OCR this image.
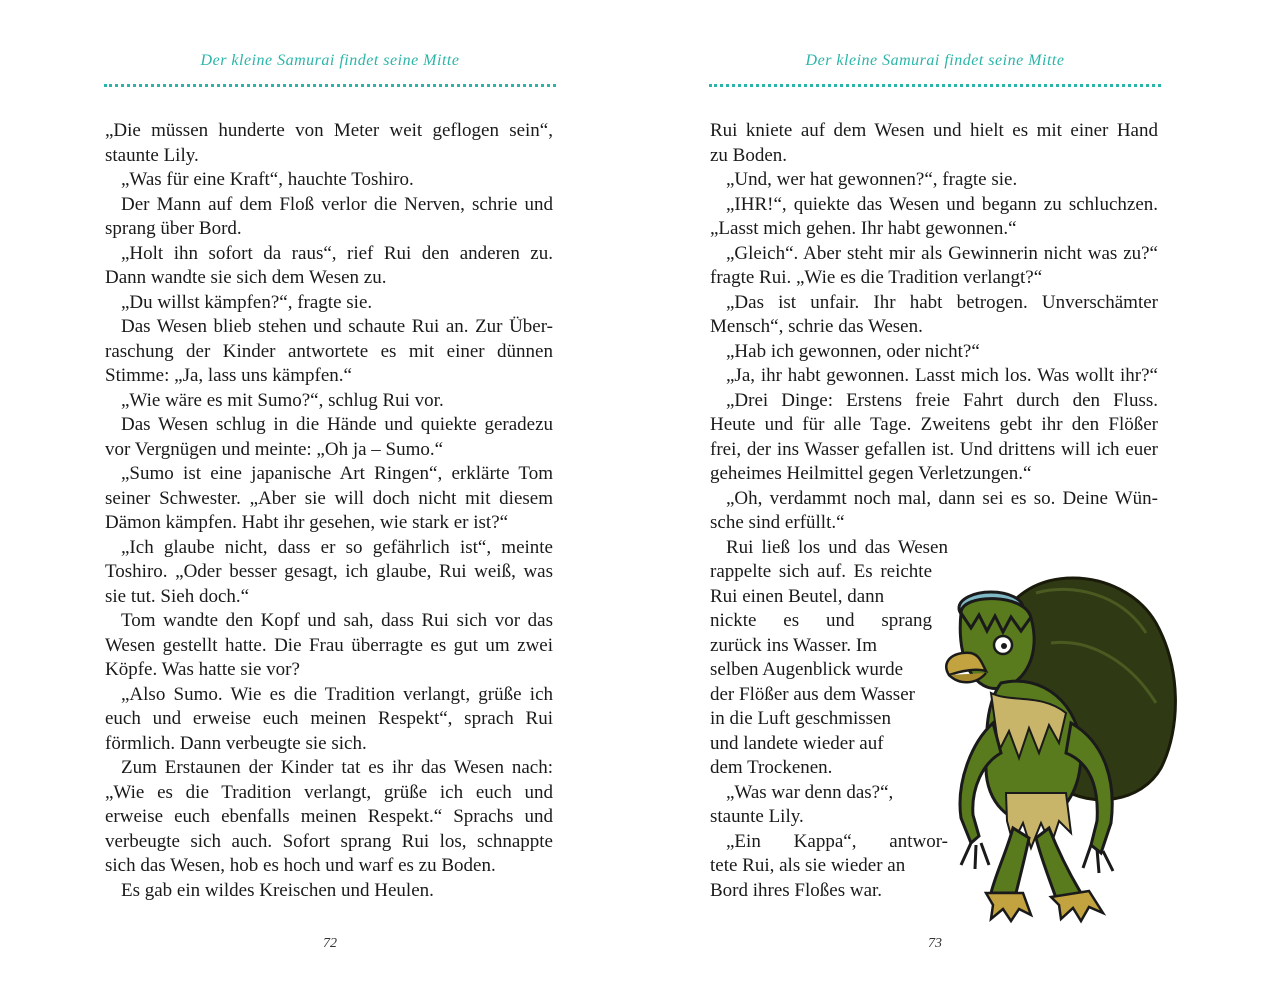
Der kleine Samurai findet seine Mitte
„Die müssen hunderte von Meter weit geflogen sein“,
staunte Lily.
„Was für eine Kraft“, hauchte Toshiro.
Der Mann auf dem Floß verlor die Nerven, schrie und
sprang über Bord.
„Holt ihn sofort da raus“, rief Rui den anderen zu.
Dann wandte sie sich dem Wesen zu.
„Du willst kämpfen?“, fragte sie.
Das Wesen blieb stehen und schaute Rui an. Zur Über-
raschung der Kinder antwortete es mit einer dünnen
Stimme: „Ja, lass uns kämpfen.“
„Wie wäre es mit Sumo?“, schlug Rui vor.
Das Wesen schlug in die Hände und quiekte geradezu
vor Vergnügen und meinte: „Oh ja – Sumo.“
„Sumo ist eine japanische Art Ringen“, erklärte Tom
seiner Schwester. „Aber sie will doch nicht mit diesem
Dämon kämpfen. Habt ihr gesehen, wie stark er ist?“
„Ich glaube nicht, dass er so gefährlich ist“, meinte
Toshiro. „Oder besser gesagt, ich glaube, Rui weiß, was
sie tut. Sieh doch.“
Tom wandte den Kopf und sah, dass Rui sich vor das
Wesen gestellt hatte. Die Frau überragte es gut um zwei
Köpfe. Was hatte sie vor?
„Also Sumo. Wie es die Tradition verlangt, grüße ich
euch und erweise euch meinen Respekt“, sprach Rui
förmlich. Dann verbeugte sie sich.
Zum Erstaunen der Kinder tat es ihr das Wesen nach:
„Wie es die Tradition verlangt, grüße ich euch und
erweise euch ebenfalls meinen Respekt.“ Sprachs und
verbeugte sich auch. Sofort sprang Rui los, schnappte
sich das Wesen, hob es hoch und warf es zu Boden.
Es gab ein wildes Kreischen und Heulen.
72
Der kleine Samurai findet seine Mitte
Rui kniete auf dem Wesen und hielt es mit einer Hand
zu Boden.
„Und, wer hat gewonnen?“, fragte sie.
„IHR!“, quiekte das Wesen und begann zu schluchzen.
„Lasst mich gehen. Ihr habt gewonnen.“
„Gleich“. Aber steht mir als Gewinnerin nicht was zu?“
fragte Rui. „Wie es die Tradition verlangt?“
„Das ist unfair. Ihr habt betrogen. Unverschämter
Mensch“, schrie das Wesen.
„Hab ich gewonnen, oder nicht?“
„Ja, ihr habt gewonnen. Lasst mich los. Was wollt ihr?“
„Drei Dinge: Erstens freie Fahrt durch den Fluss.
Heute und für alle Tage. Zweitens gebt ihr den Flößer
frei, der ins Wasser gefallen ist. Und drittens will ich euer
geheimes Heilmittel gegen Verletzungen.“
„Oh, verdammt noch mal, dann sei es so. Deine Wün-
sche sind erfüllt.“
Rui ließ los und das Wesen
rappelte sich auf. Es reichte
Rui einen Beutel, dann
nickte es und sprang
zurück ins Wasser. Im
selben Augenblick wurde
der Flößer aus dem Wasser
in die Luft geschmissen
und landete wieder auf
dem Trockenen.
„Was war denn das?“,
staunte Lily.
„Ein Kappa“, antwor-
tete Rui, als sie wieder an
Bord ihres Floßes war.
73
